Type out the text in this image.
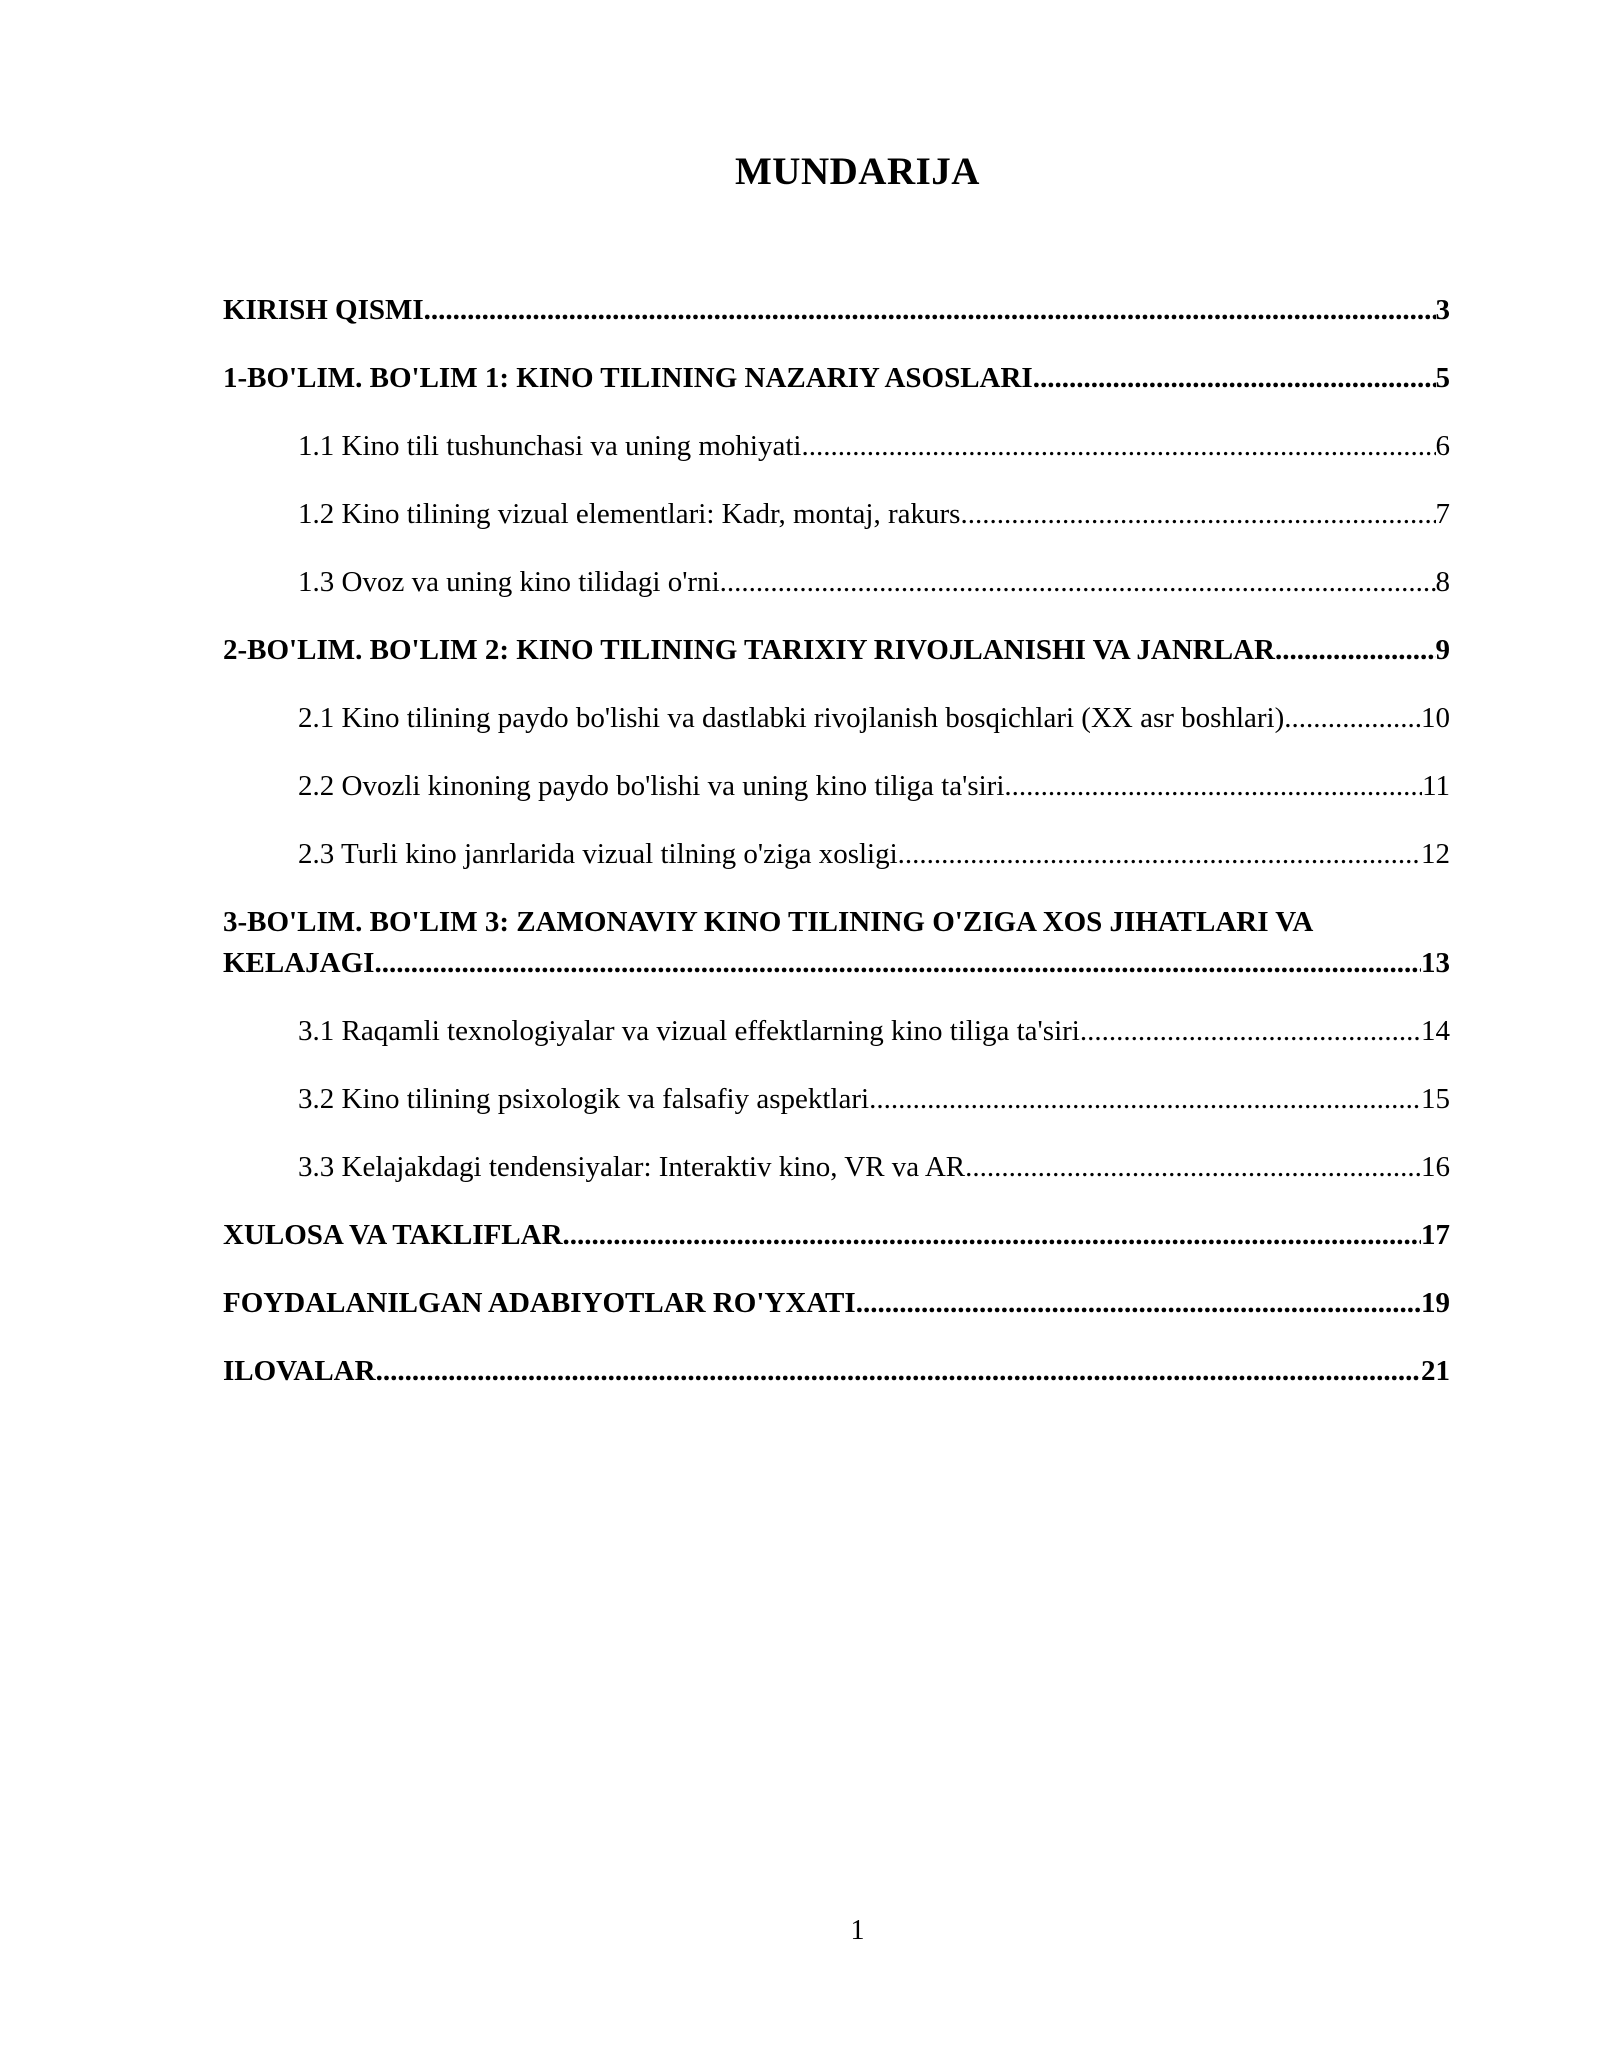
MUNDARIJA
KIRISH QISMI .....	3
1-BO'LIM. BO'LIM 1: KINO TILINING NAZARIY ASOSLARI .....	5
1.1 Kino tili tushunchasi va uning mohiyati .....	6
1.2 Kino tilining vizual elementlari: Kadr, montaj, rakurs .....	7
1.3 Ovoz va uning kino tilidagi o'rni .....	8
2-BO'LIM. BO'LIM 2: KINO TILINING TARIXIY RIVOJLANISHI VA JANRLAR .....	9
2.1 Kino tilining paydo bo'lishi va dastlabki rivojlanish bosqichlari (XX asr boshlari) .....	10
2.2 Ovozli kinoning paydo bo'lishi va uning kino tiliga ta'siri .....	11
2.3 Turli kino janrlarida vizual tilning o'ziga xosligi .....	12
3-BO'LIM. BO'LIM 3: ZAMONAVIY KINO TILINING O'ZIGA XOS JIHATLARI VA
KELAJAGI .....	13
3.1 Raqamli texnologiyalar va vizual effektlarning kino tiliga ta'siri .....	14
3.2 Kino tilining psixologik va falsafiy aspektlari .....	15
3.3 Kelajakdagi tendensiyalar: Interaktiv kino, VR va AR .....	16
XULOSA VA TAKLIFLAR .....	17
FOYDALANILGAN ADABIYOTLAR RO'YXATI .....	19
ILOVALAR .....	21
1
